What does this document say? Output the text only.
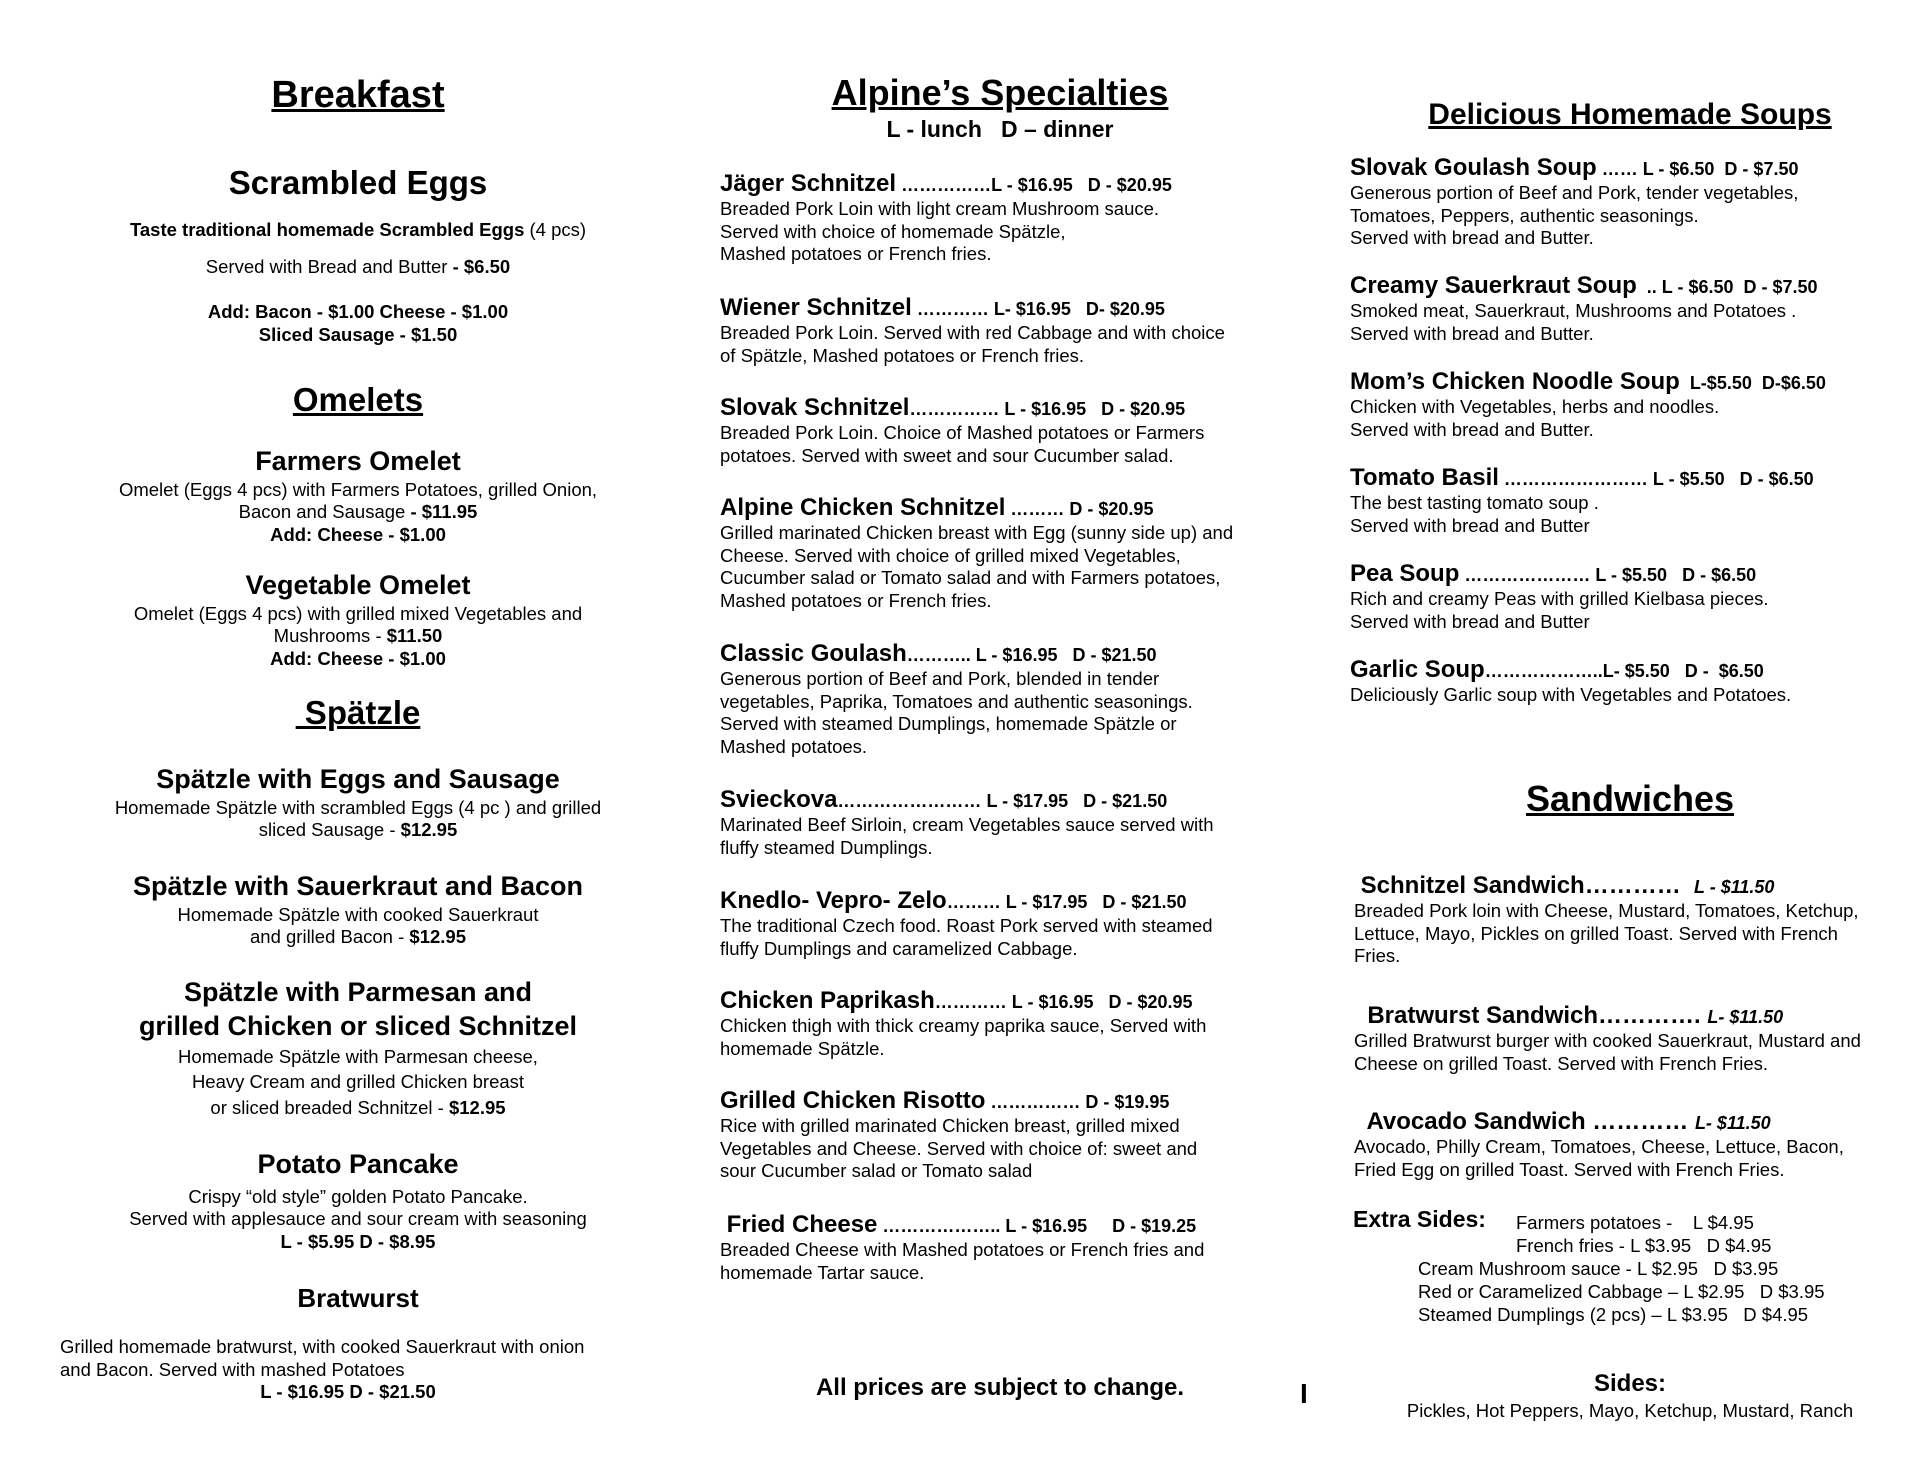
Breakfast
Scrambled Eggs
Taste traditional homemade Scrambled Eggs (4 pcs)
Served with Bread and Butter - $6.50
Add: Bacon - $1.00 Cheese - $1.00
Sliced Sausage - $1.50
Omelets
Farmers Omelet
Omelet (Eggs 4 pcs) with Farmers Potatoes, grilled Onion,
Bacon and Sausage - $11.95
Add: Cheese - $1.00
Vegetable Omelet
Omelet (Eggs 4 pcs) with grilled mixed Vegetables and
Mushrooms - $11.50
Add: Cheese - $1.00
Spätzle
Spätzle with Eggs and Sausage
Homemade Spätzle with scrambled Eggs (4 pc ) and grilled
sliced Sausage - $12.95
Spätzle with Sauerkraut and Bacon
Homemade Spätzle with cooked Sauerkraut
and grilled Bacon - $12.95
Spätzle with Parmesan and
grilled Chicken or sliced Schnitzel
Homemade Spätzle with Parmesan cheese,
Heavy Cream and grilled Chicken breast
or sliced breaded Schnitzel - $12.95
Potato Pancake
Crispy “old style” golden Potato Pancake.
Served with applesauce and sour cream with seasoning
L - $5.95 D - $8.95
Bratwurst
Grilled homemade bratwurst, with cooked Sauerkraut with onion
and Bacon. Served with mashed Potatoes
L - $16.95 D - $21.50
Alpine’s Specialties
L - lunch   D – dinner
Jäger Schnitzel ……………L - $16.95   D - $20.95
Breaded Pork Loin with light cream Mushroom sauce.
Served with choice of homemade Spätzle,
Mashed potatoes or French fries.
Wiener Schnitzel ………… L- $16.95   D- $20.95
Breaded Pork Loin. Served with red Cabbage and with choice
of Spätzle, Mashed potatoes or French fries.
Slovak Schnitzel…………… L - $16.95   D - $20.95
Breaded Pork Loin. Choice of Mashed potatoes or Farmers
potatoes. Served with sweet and sour Cucumber salad.
Alpine Chicken Schnitzel ……… D - $20.95
Grilled marinated Chicken breast with Egg (sunny side up) and
Cheese. Served with choice of grilled mixed Vegetables,
Cucumber salad or Tomato salad and with Farmers potatoes,
Mashed potatoes or French fries.
Classic Goulash……….. L - $16.95   D - $21.50
Generous portion of Beef and Pork, blended in tender
vegetables, Paprika, Tomatoes and authentic seasonings.
Served with steamed Dumplings, homemade Spätzle or
Mashed potatoes.
Svieckova…………………… L - $17.95   D - $21.50
Marinated Beef Sirloin, cream Vegetables sauce served with
fluffy steamed Dumplings.
Knedlo- Vepro- Zelo……… L - $17.95   D - $21.50
The traditional Czech food. Roast Pork served with steamed
fluffy Dumplings and caramelized Cabbage.
Chicken Paprikash………… L - $16.95   D - $20.95
Chicken thigh with thick creamy paprika sauce, Served with
homemade Spätzle.
Grilled Chicken Risotto …………… D - $19.95
Rice with grilled marinated Chicken breast, grilled mixed
Vegetables and Cheese. Served with choice of: sweet and
sour Cucumber salad or Tomato salad
Fried Cheese ……………….. L - $16.95     D - $19.25
Breaded Cheese with Mashed potatoes or French fries and
homemade Tartar sauce.
All prices are subject to change.	I
Delicious Homemade Soups
Slovak Goulash Soup …… L - $6.50  D - $7.50
Generous portion of Beef and Pork, tender vegetables,
Tomatoes, Peppers, authentic seasonings.
Served with bread and Butter.
Creamy Sauerkraut Soup  .. L - $6.50  D - $7.50
Smoked meat, Sauerkraut, Mushrooms and Potatoes .
Served with bread and Butter.
Mom’s Chicken Noodle Soup  L-$5.50  D-$6.50
Chicken with Vegetables, herbs and noodles.
Served with bread and Butter.
Tomato Basil …………………… L - $5.50   D - $6.50
The best tasting tomato soup .
Served with bread and Butter
Pea Soup ………………… L - $5.50   D - $6.50
Rich and creamy Peas with grilled Kielbasa pieces.
Served with bread and Butter
Garlic Soup………………..L- $5.50   D -  $6.50
Deliciously Garlic soup with Vegetables and Potatoes.
Sandwiches
Schnitzel Sandwich…………  L - $11.50
Breaded Pork loin with Cheese, Mustard, Tomatoes, Ketchup,
Lettuce, Mayo, Pickles on grilled Toast. Served with French
Fries.
Bratwurst Sandwich…………. L- $11.50
Grilled Bratwurst burger with cooked Sauerkraut, Mustard and
Cheese on grilled Toast. Served with French Fries.
Avocado Sandwich ………… L- $11.50
Avocado, Philly Cream, Tomatoes, Cheese, Lettuce, Bacon,
Fried Egg on grilled Toast. Served with French Fries.
Extra Sides: Farmers potatoes -    L $4.95
French fries - L $3.95   D $4.95
Cream Mushroom sauce - L $2.95   D $3.95
Red or Caramelized Cabbage – L $2.95   D $3.95
Steamed Dumplings (2 pcs) – L $3.95   D $4.95
Sides:
Pickles, Hot Peppers, Mayo, Ketchup, Mustard, Ranch
